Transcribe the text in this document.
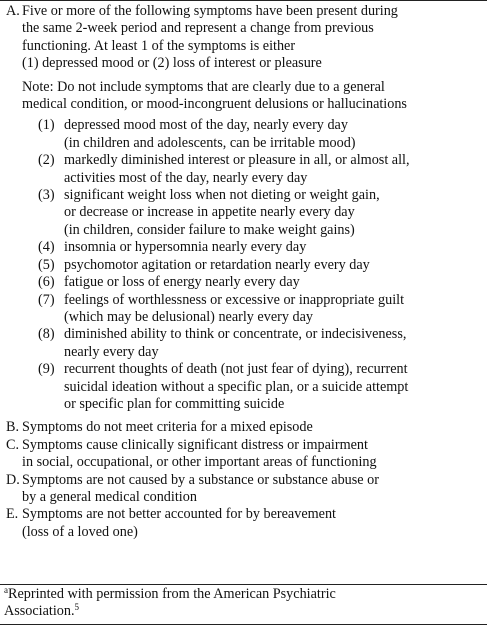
A. Five or more of the following symptoms have been present during
the same 2-week period and represent a change from previous
functioning. At least 1 of the symptoms is either
(1) depressed mood or (2) loss of interest or pleasure
Note: Do not include symptoms that are clearly due to a general
medical condition, or mood-incongruent delusions or hallucinations
(1) depressed mood most of the day, nearly every day
(in children and adolescents, can be irritable mood)
(2) markedly diminished interest or pleasure in all, or almost all,
activities most of the day, nearly every day
(3) significant weight loss when not dieting or weight gain,
or decrease or increase in appetite nearly every day
(in children, consider failure to make weight gains)
(4) insomnia or hypersomnia nearly every day
(5) psychomotor agitation or retardation nearly every day
(6) fatigue or loss of energy nearly every day
(7) feelings of worthlessness or excessive or inappropriate guilt
(which may be delusional) nearly every day
(8) diminished ability to think or concentrate, or indecisiveness,
nearly every day
(9) recurrent thoughts of death (not just fear of dying), recurrent
suicidal ideation without a specific plan, or a suicide attempt
or specific plan for committing suicide
B. Symptoms do not meet criteria for a mixed episode
C. Symptoms cause clinically significant distress or impairment
in social, occupational, or other important areas of functioning
D. Symptoms are not caused by a substance or substance abuse or
by a general medical condition
E. Symptoms are not better accounted for by bereavement
(loss of a loved one)
$^a$Reprinted with permission from the American Psychiatric
Association.$^5$
